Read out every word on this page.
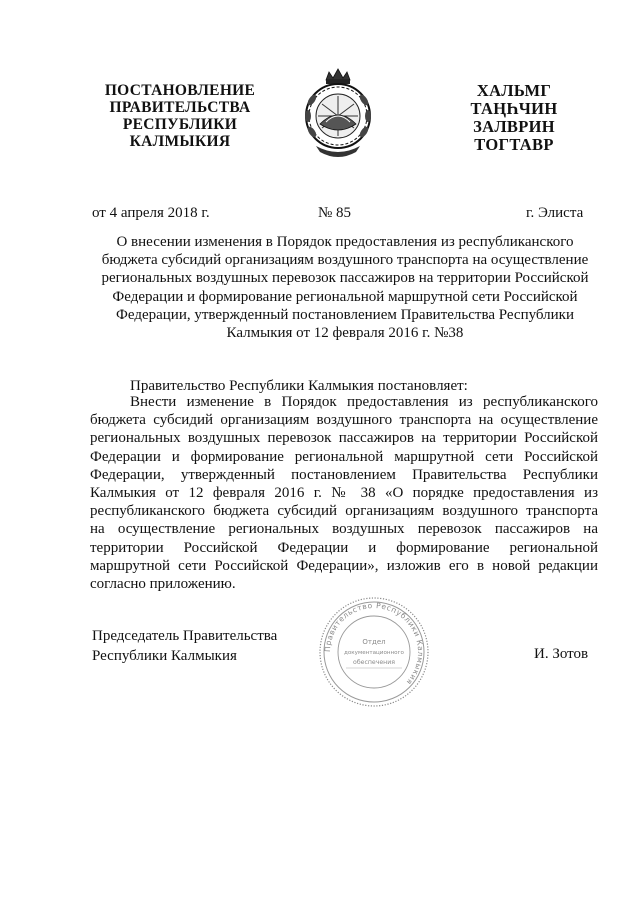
ПОСТАНОВЛЕНИЕ
ПРАВИТЕЛЬСТВА
РЕСПУБЛИКИ
КАЛМЫКИЯ
ХАЛЬМГ
ТАҢҺЧИН
ЗАЛВРИН
ТОГТАВР
от 4 апреля 2018 г.	№ 85	г. Элиста
О внесении изменения в Порядок предоставления из республиканского
бюджета субсидий организациям воздушного транспорта на осуществление
региональных воздушных перевозок пассажиров на территории Российской
Федерации и формирование региональной маршрутной сети Российской
Федерации, утвержденный постановлением Правительства Республики
Калмыкия от 12 февраля 2016 г. №38
Правительство Республики Калмыкия постановляет:
Внести изменение в Порядок предоставления из республиканского
бюджета субсидий организациям воздушного транспорта на осуществление
региональных воздушных перевозок пассажиров на территории Российской
Федерации и формирование региональной маршрутной сети Российской
Федерации, утвержденный постановлением Правительства Республики
Калмыкия от 12 февраля 2016 г. № 38 «О порядке предоставления из
республиканского бюджета субсидий организациям воздушного транспорта
на осуществление региональных воздушных перевозок пассажиров на
территории Российской Федерации и формирование региональной
маршрутной сети Российской Федерации», изложив его в новой редакции
согласно приложению.
Председатель Правительства
Республики Калмыкия	И. Зотов
Правительство Республики Калмыкия
Отдел
документационного
обеспечения
